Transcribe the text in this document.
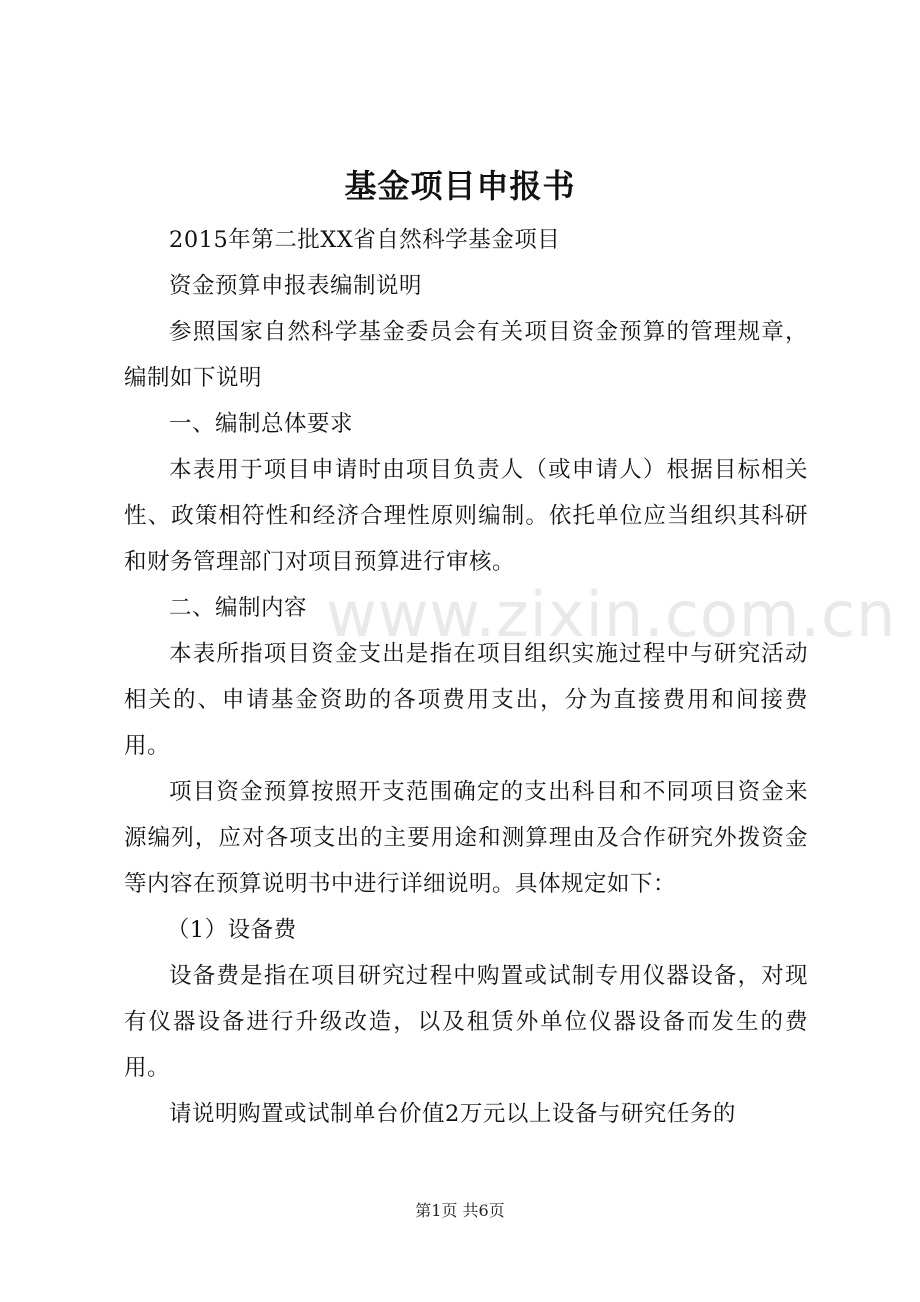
基金项目申报书
www.zixin.com.cn

2015年第二批XX省自然科学基金项目

资金预算申报表编制说明

参照国家自然科学基金委员会有关项目资金预算的管理规章，编制如下说明

一、编制总体要求

本表用于项目申请时由项目负责人（或申请人）根据目标相关性、政策相符性和经济合理性原则编制。依托单位应当组织其科研和财务管理部门对项目预算进行审核。

二、编制内容

本表所指项目资金支出是指在项目组织实施过程中与研究活动相关的、申请基金资助的各项费用支出，分为直接费用和间接费用。

项目资金预算按照开支范围确定的支出科目和不同项目资金来源编列，应对各项支出的主要用途和测算理由及合作研究外拨资金等内容在预算说明书中进行详细说明。具体规定如下：

（1）设备费

设备费是指在项目研究过程中购置或试制专用仪器设备，对现有仪器设备进行升级改造，以及租赁外单位仪器设备而发生的费用。

请说明购置或试制单台价值2万元以上设备与研究任务的

第1页 共6页
